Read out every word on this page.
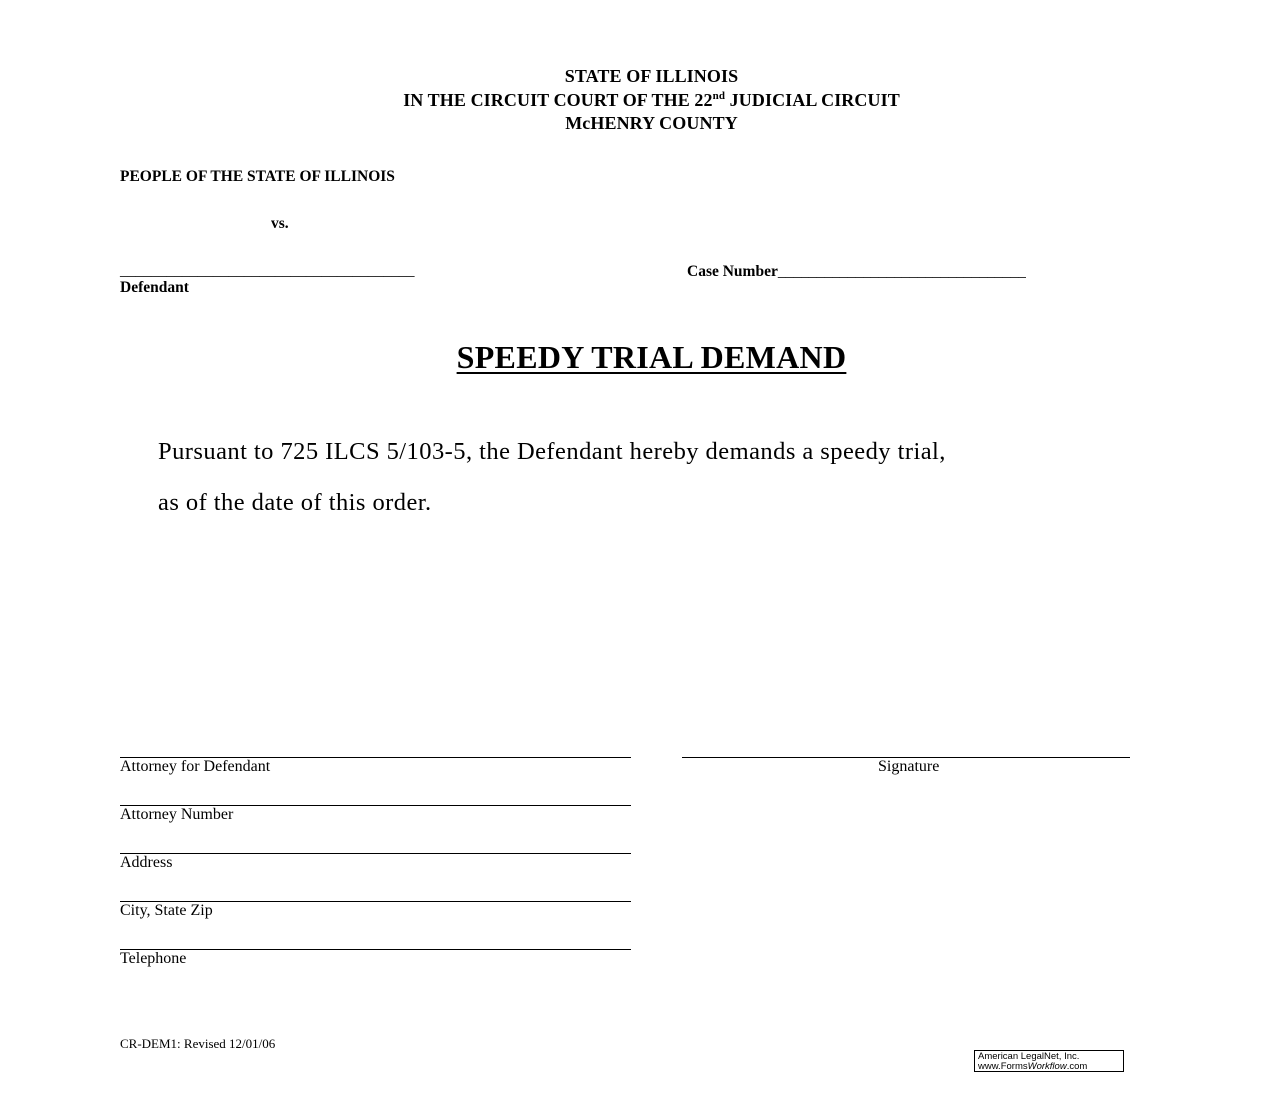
STATE OF ILLINOIS
IN THE CIRCUIT COURT OF THE 22nd JUDICIAL CIRCUIT
McHENRY COUNTY
PEOPLE OF THE STATE OF ILLINOIS
vs.
______________________________________
Defendant
Case Number________________________________
SPEEDY TRIAL DEMAND
Pursuant to 725 ILCS 5/103-5, the Defendant hereby demands a speedy trial,
as of the date of this order.
Attorney for Defendant	Signature
Attorney Number
Address
City, State Zip
Telephone
CR-DEM1: Revised 12/01/06
American LegalNet, Inc.
www.FormsWorkflow.com
